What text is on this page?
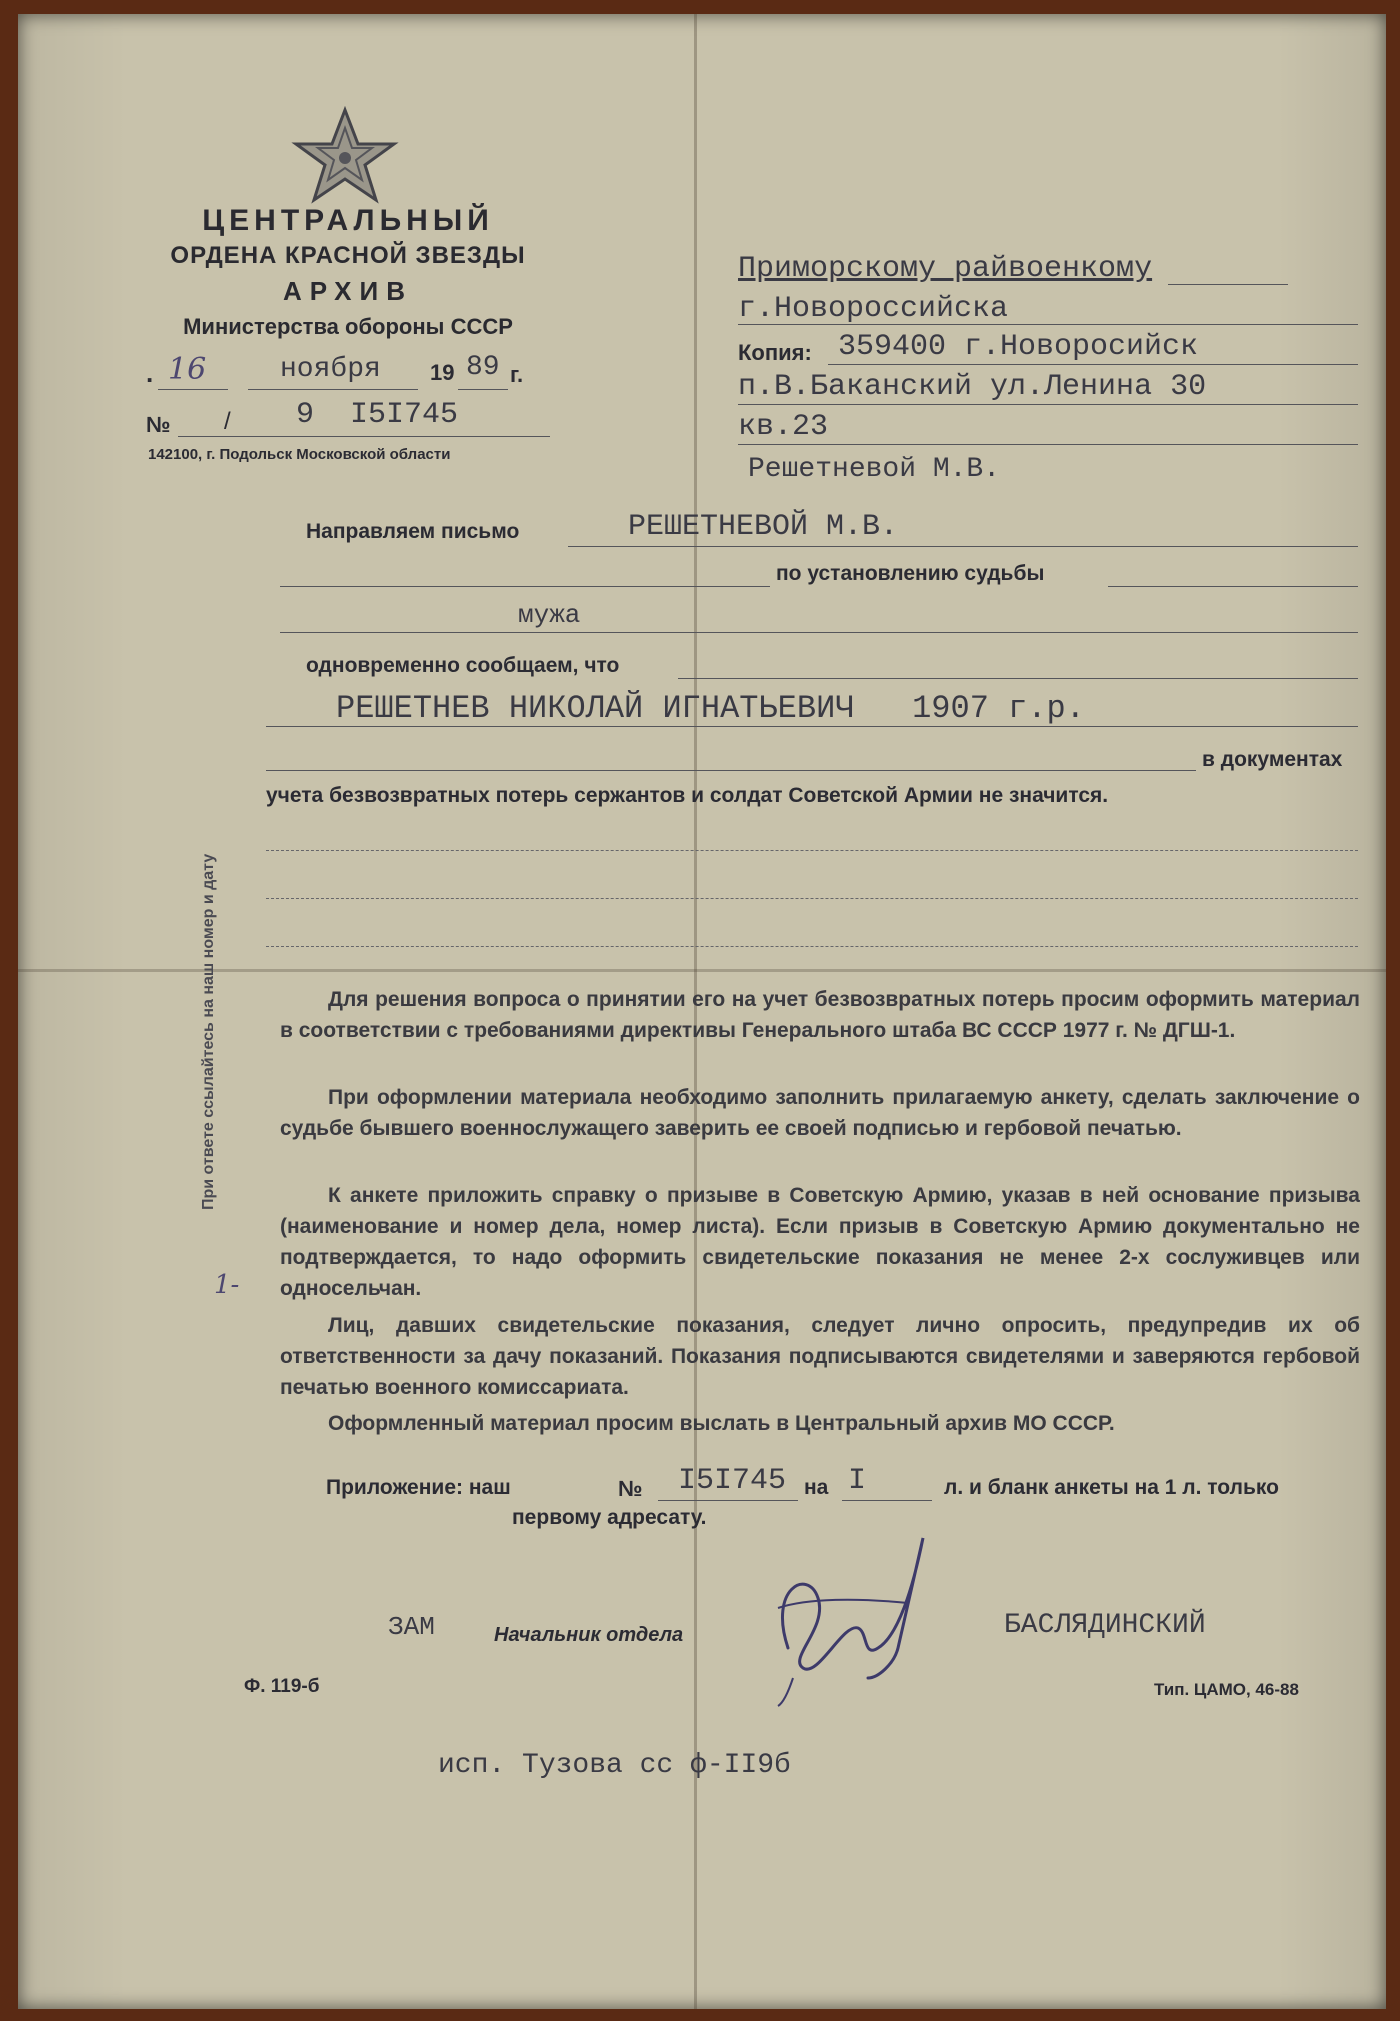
ЦЕНТРАЛЬНЫЙ
ОРДЕНА КРАСНОЙ ЗВЕЗДЫ
АРХИВ
Министерства обороны СССР
. 16	ноября 19 89 г.
№ / 9  I5I745
142100, г. Подольск Московской области
Приморскому райвоенкому
г.Новороссийска
Копия: 359400 г.Новоросийск
п.В.Баканский ул.Ленина 30
кв.23
Решетневой М.В.
Направляем письмо	РЕШЕТНЕВОЙ М.В.
по установлению судьбы
мужа
одновременно сообщаем, что
РЕШЕТНЕВ НИКОЛАЙ ИГНАТЬЕВИЧ   1907 г.р.
в документах
учета безвозвратных потерь сержантов и солдат Советской Армии не значится.
При ответе ссылайтесь на наш номер и дату	Для решения вопроса о принятии его на учет безвозвратных потерь просим оформить материал в соответствии с требованиями директивы Генерального штаба ВС СССР 1977 г. № ДГШ-1.
При оформлении материала необходимо заполнить прилагаемую анкету, сделать заключение о судьбе бывшего военнослужащего заверить ее своей подписью и гербовой печатью.
К анкете приложить справку о призыве в Советскую Армию, указав в ней основание призыва (наименование и номер дела, номер листа). Если призыв в Советскую Армию документально не подтверждается, то надо оформить свидетельские показания не менее 2-х сослуживцев или односельчан.
1-
Лиц, давших свидетельские показания, следует лично опросить, предупредив их об ответственности за дачу показаний. Показания подписываются свидетелями и заверяются гербовой печатью военного комиссариата.
Оформленный материал просим выслать в Центральный архив МО СССР.
Приложение: наш	№ I5I745 на I	л. и бланк анкеты на 1 л. только
первому адресату.
ЗАМ	Начальник отдела	БАСЛЯДИНСКИЙ
Ф. 119-б	Тип. ЦАМО, 46-88
исп. Тузова сс ф-II9б
